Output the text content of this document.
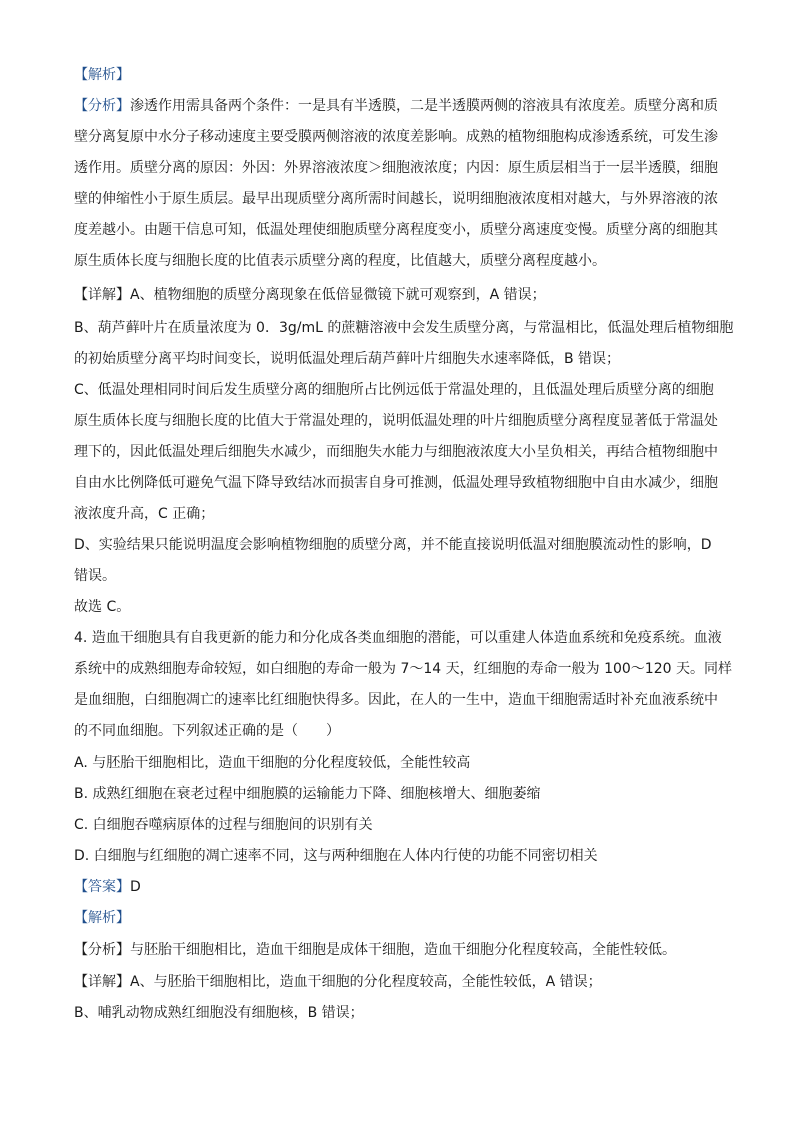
【解析】
【分析】渗透作用需具备两个条件：一是具有半透膜，二是半透膜两侧的溶液具有浓度差。质壁分离和质
壁分离复原中水分子移动速度主要受膜两侧溶液的浓度差影响。成熟的植物细胞构成渗透系统，可发生渗
透作用。质壁分离的原因：外因：外界溶液浓度＞细胞液浓度；内因：原生质层相当于一层半透膜，细胞
壁的伸缩性小于原生质层。最早出现质壁分离所需时间越长，说明细胞液浓度相对越大，与外界溶液的浓
度差越小。由题干信息可知，低温处理使细胞质壁分离程度变小，质壁分离速度变慢。质壁分离的细胞其
原生质体长度与细胞长度的比值表示质壁分离的程度，比值越大，质壁分离程度越小。
【详解】A、植物细胞的质壁分离现象在低倍显微镜下就可观察到，A 错误；
B、葫芦藓叶片在质量浓度为 0．3g/mL 的蔗糖溶液中会发生质壁分离，与常温相比，低温处理后植物细胞
的初始质壁分离平均时间变长，说明低温处理后葫芦藓叶片细胞失水速率降低，B 错误；
C、低温处理相同时间后发生质壁分离的细胞所占比例远低于常温处理的，且低温处理后质壁分离的细胞
原生质体长度与细胞长度的比值大于常温处理的，说明低温处理的叶片细胞质壁分离程度显著低于常温处
理下的，因此低温处理后细胞失水减少，而细胞失水能力与细胞液浓度大小呈负相关，再结合植物细胞中
自由水比例降低可避免气温下降导致结冰而损害自身可推测，低温处理导致植物细胞中自由水减少，细胞
液浓度升高，C 正确；
D、实验结果只能说明温度会影响植物细胞的质壁分离，并不能直接说明低温对细胞膜流动性的影响，D
错误。
故选 C。
4. 造血干细胞具有自我更新的能力和分化成各类血细胞的潜能，可以重建人体造血系统和免疫系统。血液
系统中的成熟细胞寿命较短，如白细胞的寿命一般为 7～14 天，红细胞的寿命一般为 100～120 天。同样
是血细胞，白细胞凋亡的速率比红细胞快得多。因此，在人的一生中，造血干细胞需适时补充血液系统中
的不同血细胞。下列叙述正确的是（　　）
A. 与胚胎干细胞相比，造血干细胞的分化程度较低，全能性较高
B. 成熟红细胞在衰老过程中细胞膜的运输能力下降、细胞核增大、细胞萎缩
C. 白细胞吞噬病原体的过程与细胞间的识别有关
D. 白细胞与红细胞的凋亡速率不同，这与两种细胞在人体内行使的功能不同密切相关
【答案】D
【解析】
【分析】与胚胎干细胞相比，造血干细胞是成体干细胞，造血干细胞分化程度较高，全能性较低。
【详解】A、与胚胎干细胞相比，造血干细胞的分化程度较高，全能性较低，A 错误；
B、哺乳动物成熟红细胞没有细胞核，B 错误；
